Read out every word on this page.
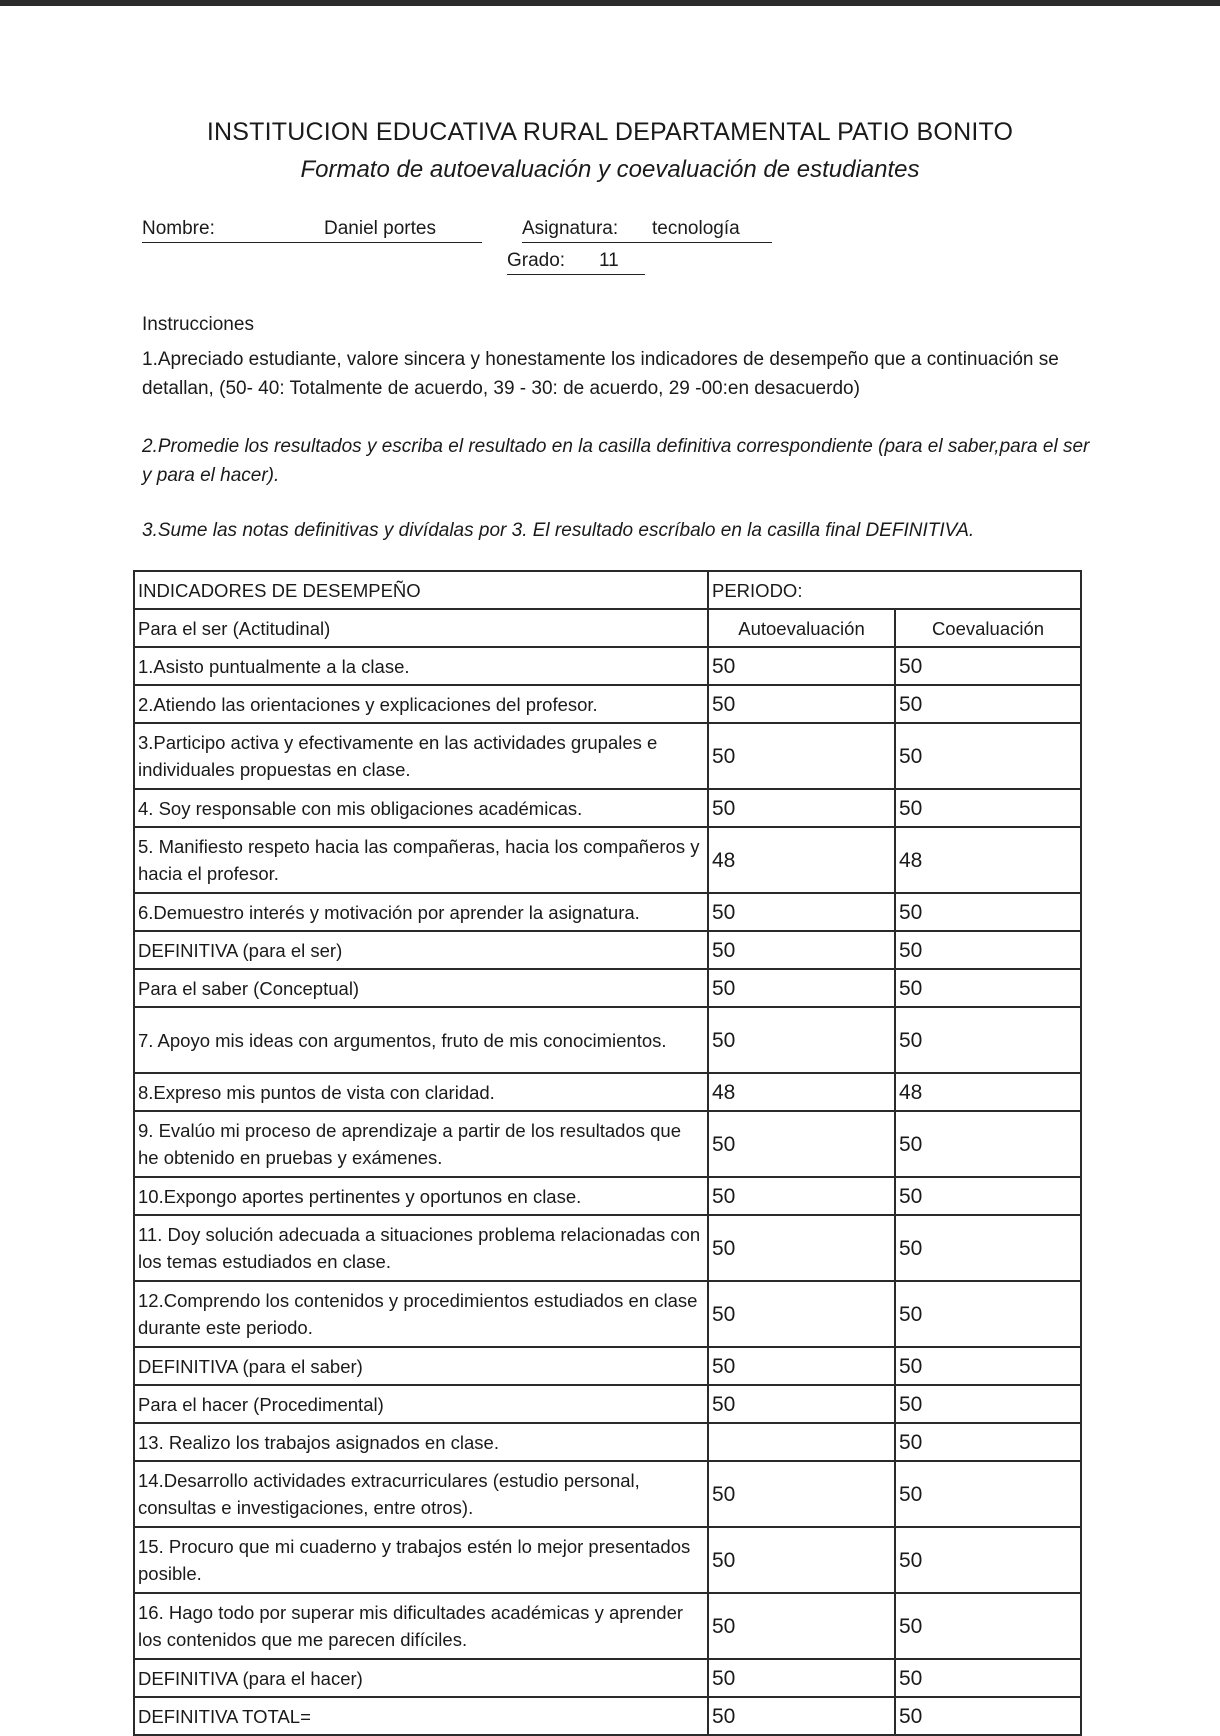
INSTITUCION EDUCATIVA RURAL DEPARTAMENTAL PATIO BONITO
Formato de autoevaluación y coevaluación de estudiantes
Nombre:	Daniel portes	Asignatura: tecnología
Grado: 11
Instrucciones
1.Apreciado estudiante, valore sincera y honestamente los indicadores de desempeño que a continuación se detallan, (50- 40: Totalmente de acuerdo, 39 - 30: de acuerdo, 29 -00:en desacuerdo)
2.Promedie los resultados y escriba el resultado en la casilla definitiva correspondiente (para el saber,para el ser y para el hacer).
3.Sume las notas definitivas y divídalas por 3. El resultado escríbalo en la casilla final DEFINITIVA.
INDICADORES DE DESEMPEÑO	PERIODO:	
Para el ser (Actitudinal)	Autoevaluación	Coevaluación
1.Asisto puntualmente a la clase.	50	50
2.Atiendo las orientaciones y explicaciones del profesor.	50	50
3.Participo activa y efectivamente en las actividades grupales e individuales propuestas en clase.	50	50
4. Soy responsable con mis obligaciones académicas.	50	50
5. Manifiesto respeto hacia las compañeras, hacia los compañeros y hacia el profesor.	48	48
6.Demuestro interés y motivación por aprender la asignatura.	50	50
DEFINITIVA (para el ser)	50	50
Para el saber (Conceptual)	50	50
7. Apoyo mis ideas con argumentos, fruto de mis conocimientos.	50	50
8.Expreso mis puntos de vista con claridad.	48	48
9. Evalúo mi proceso de aprendizaje a partir de los resultados que he obtenido en pruebas y exámenes.	50	50
10.Expongo aportes pertinentes y oportunos en clase.	50	50
11. Doy solución adecuada a situaciones problema relacionadas con los temas estudiados en clase.	50	50
12.Comprendo los contenidos y procedimientos estudiados en clase durante este periodo.	50	50
DEFINITIVA (para el saber)	50	50
Para el hacer (Procedimental)	50	50
13. Realizo los trabajos asignados en clase.		50
14.Desarrollo actividades extracurriculares (estudio personal, consultas e investigaciones, entre otros).	50	50
15. Procuro que mi cuaderno y trabajos estén lo mejor presentados posible.	50	50
16. Hago todo por superar mis dificultades académicas y aprender los contenidos que me parecen difíciles.	50	50
DEFINITIVA (para el hacer)	50	50
DEFINITIVA TOTAL=	50	50
